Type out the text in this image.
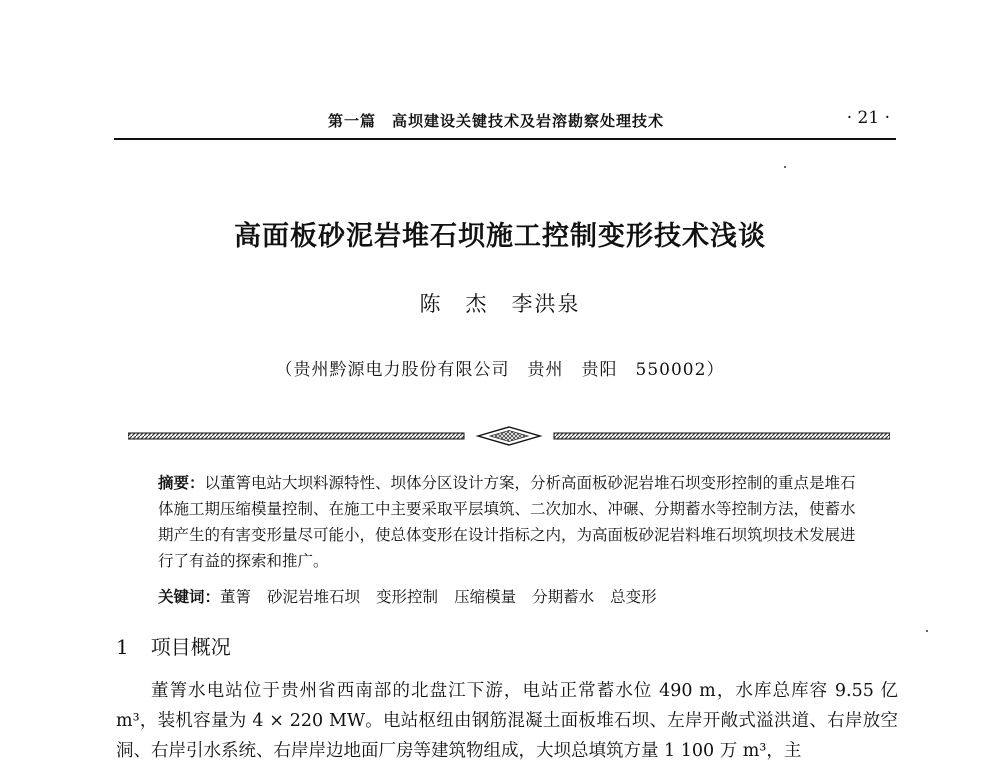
第一篇　高坝建设关键技术及岩溶勘察处理技术	· 21 ·
高面板砂泥岩堆石坝施工控制变形技术浅谈
陈　杰　李洪泉
（贵州黔源电力股份有限公司　贵州　贵阳　550002）
摘要：以董箐电站大坝料源特性、坝体分区设计方案，分析高面板砂泥岩堆石坝变形控制的重点是堆石体施工期压缩模量控制、在施工中主要采取平层填筑、二次加水、冲碾、分期蓄水等控制方法，使蓄水期产生的有害变形量尽可能小，使总体变形在设计指标之内，为高面板砂泥岩料堆石坝筑坝技术发展进行了有益的探索和推广。
关键词：董箐 砂泥岩堆石坝 变形控制 压缩模量 分期蓄水 总变形
1 项目概况
董箐水电站位于贵州省西南部的北盘江下游，电站正常蓄水位 490 m，水库总库容 9.55 亿 m³，装机容量为 4 × 220 MW。电站枢纽由钢筋混凝土面板堆石坝、左岸开敞式溢洪道、右岸放空洞、右岸引水系统、右岸岸边地面厂房等建筑物组成，大坝总填筑方量 1 100 万 m³，主
